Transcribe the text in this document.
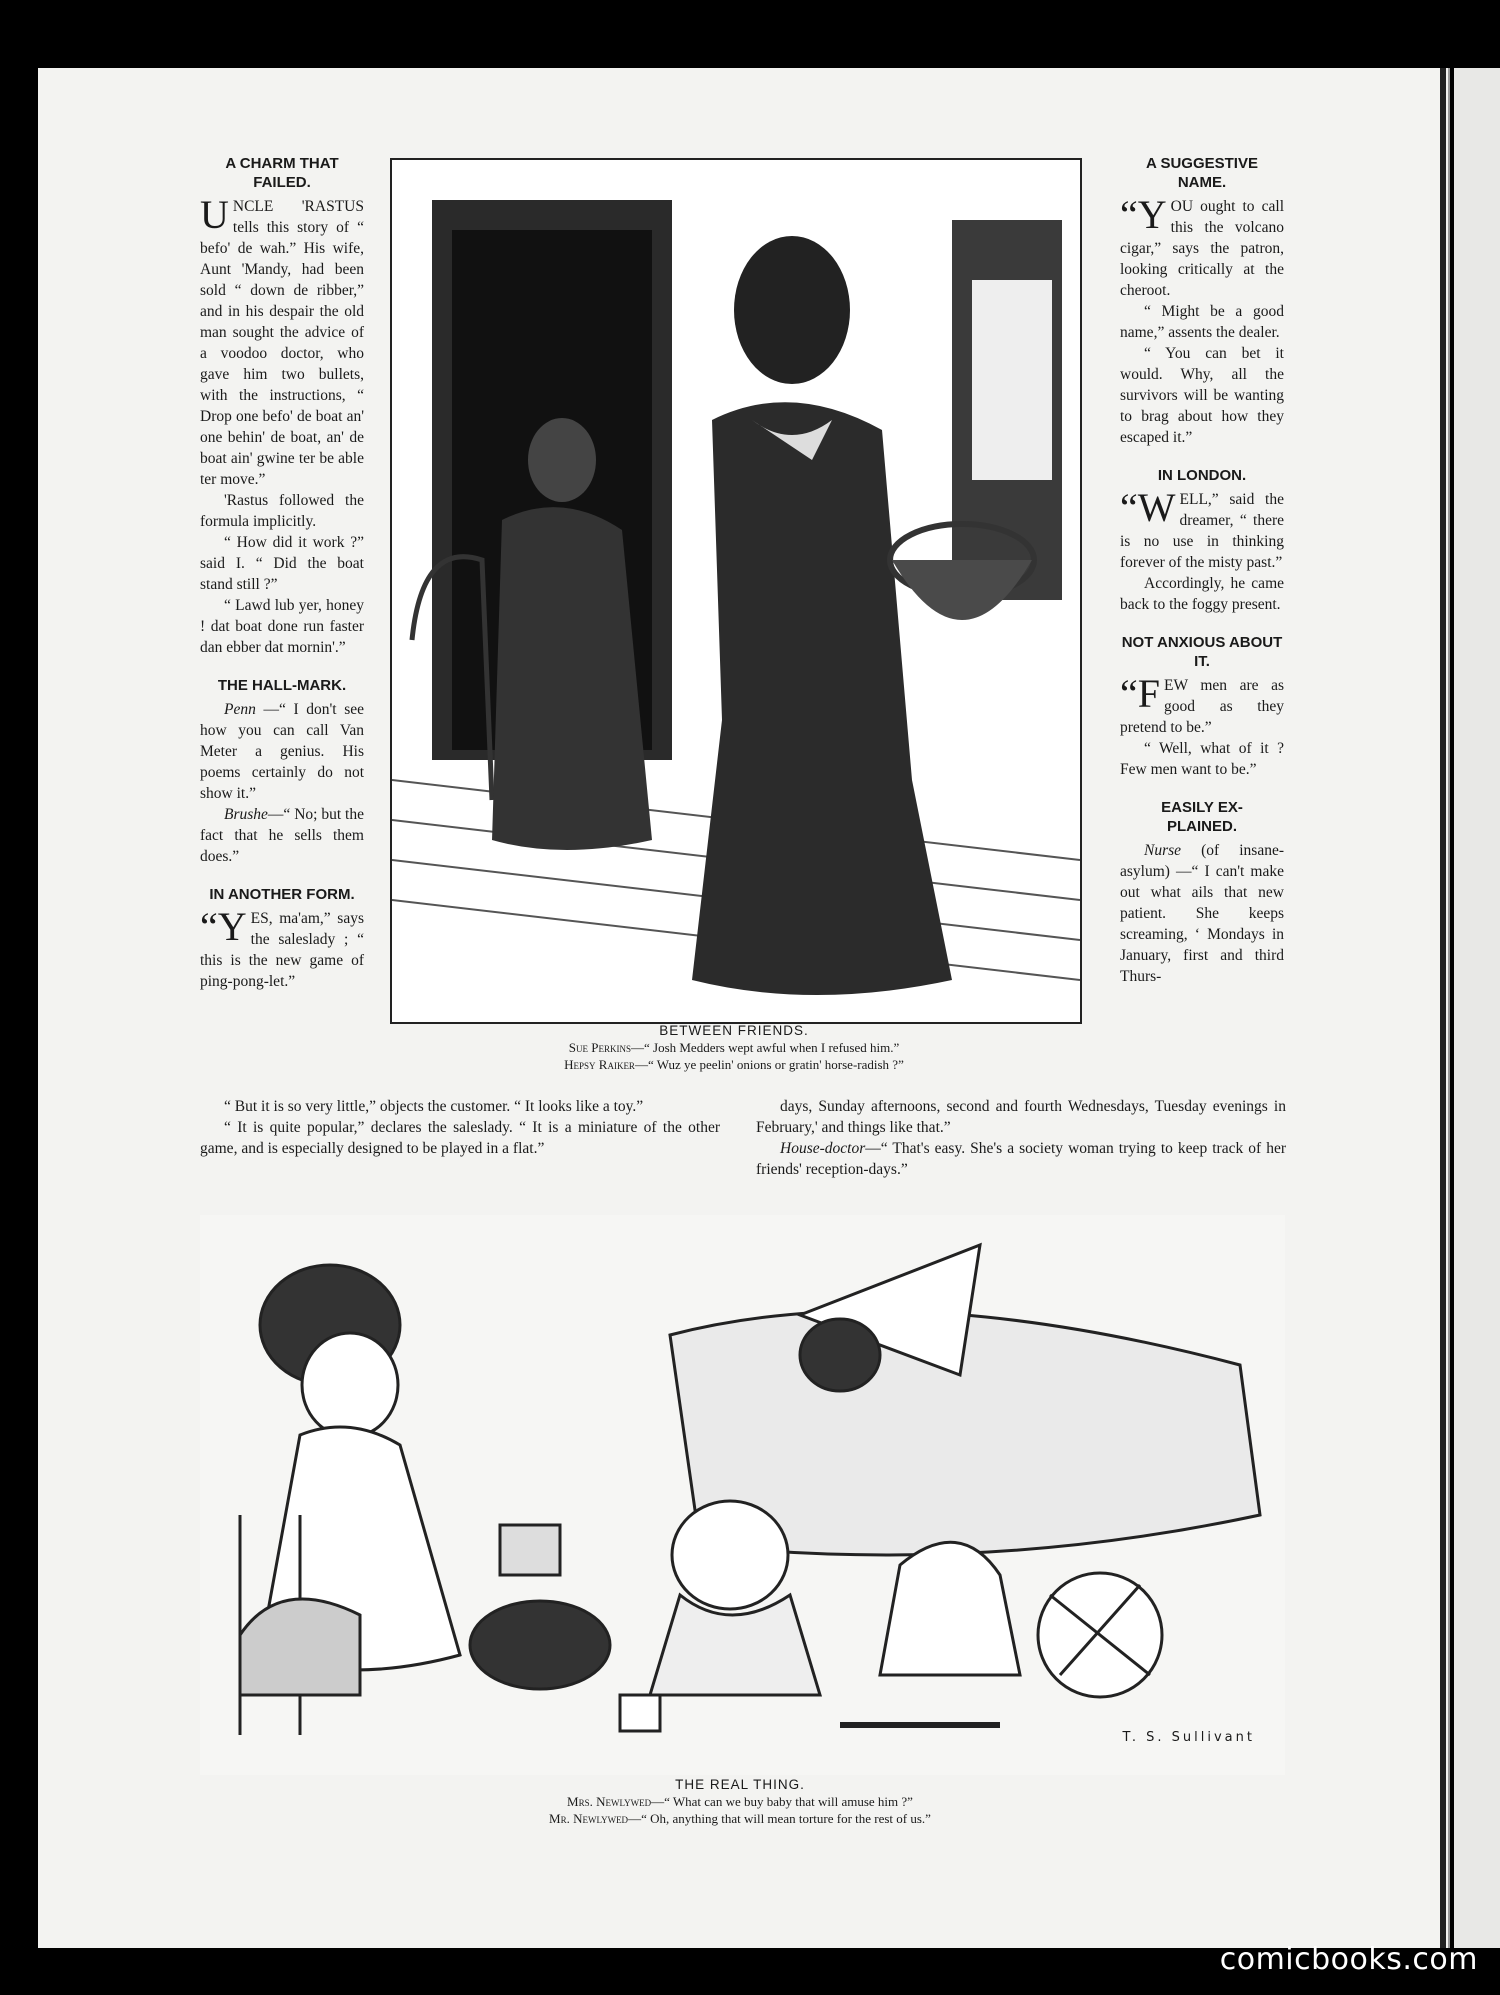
A CHARM THAT FAILED.
U NCLE 'RASTUS tells this story of “ befo' de wah.” His wife, Aunt 'Mandy, had been sold “ down de ribber,” and in his despair the old man sought the advice of a voodoo doctor, who gave him two bullets, with the instructions, “ Drop one befo' de boat an' one behin' de boat, an' de boat ain' gwine ter be able ter move.”

'Rastus followed the formula implicitly.

“ How did it work ?” said I. “ Did the boat stand still ?”

“ Lawd lub yer, honey ! dat boat done run faster dan ebber dat mornin'.”

THE HALL-MARK.

Penn —“ I don't see how you can call Van Meter a genius. His poems certainly do not show it.”

Brushe—“ No; but the fact that he sells them does.”

IN ANOTHER FORM.
“Y ES, ma'am,” says the saleslady ; “ this is the new game of ping-pong-let.”

BETWEEN FRIENDS.
Sue Perkins—“ Josh Medders wept awful when I refused him.”
Hepsy Raiker—“ Wuz ye peelin' onions or gratin' horse-radish ?”
A SUGGESTIVE NAME.
“Y OU ought to call this the volcano cigar,” says the patron, looking critically at the cheroot.

“ Might be a good name,” assents the dealer.

“ You can bet it would. Why, all the survivors will be wanting to brag about how they escaped it.”

IN LONDON.
“W ELL,” said the dreamer, “ there is no use in thinking forever of the misty past.”

Accordingly, he came back to the foggy present.

NOT ANXIOUS ABOUT IT.
“F EW men are as good as they pretend to be.”

“ Well, what of it ? Few men want to be.”

EASILY EX-
PLAINED.

Nurse (of insane-asylum) —“ I can't make out what ails that new patient. She keeps screaming, ‘ Mondays in January, first and third Thurs-

“ But it is so very little,” objects the customer. “ It looks like a toy.”

“ It is quite popular,” declares the saleslady. “ It is a miniature of the other game, and is especially designed to be played in a flat.”

days, Sunday afternoons, second and fourth Wednesdays, Tuesday evenings in February,' and things like that.”

House-doctor—“ That's easy. She's a society woman trying to keep track of her friends' reception-days.”

T. S. Sullivant
THE REAL THING.
Mrs. Newlywed—“ What can we buy baby that will amuse him ?”
Mr. Newlywed—“ Oh, anything that will mean torture for the rest of us.”
comicbooks.com
